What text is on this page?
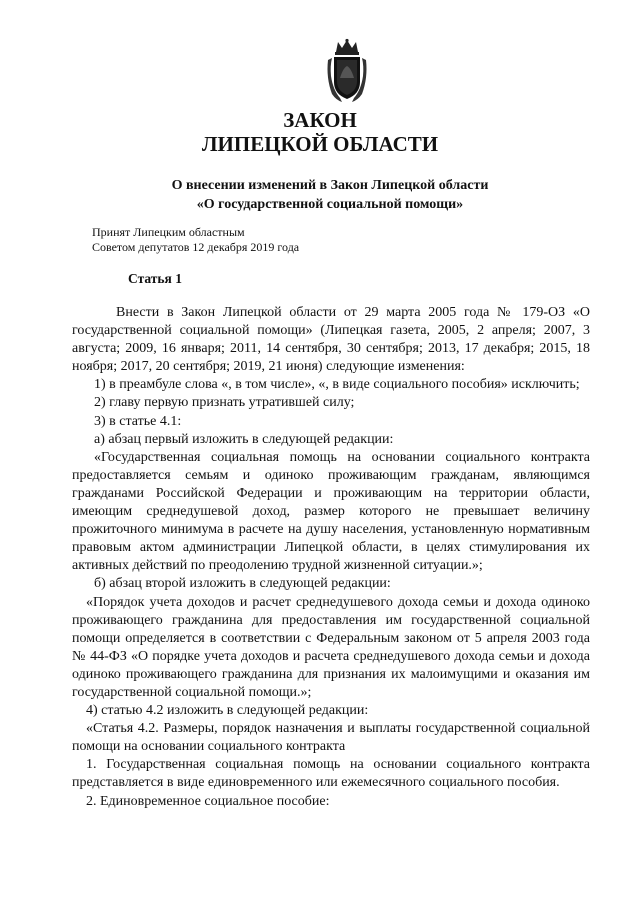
ЗАКОН
ЛИПЕЦКОЙ ОБЛАСТИ
О внесении изменений в Закон Липецкой области
«О государственной социальной помощи»

Принят Липецким областным

Советом депутатов 12 декабря 2019 года

Статья 1

Внести в Закон Липецкой области от 29 марта 2005 года № 179-ОЗ «О государственной социальной помощи» (Липецкая газета, 2005, 2 апреля; 2007, 3 августа; 2009, 16 января; 2011, 14 сентября, 30 сентября; 2013, 17 декабря; 2015, 18 ноября; 2017, 20 сентября; 2019, 21 июня) следующие изменения:

1) в преамбуле слова «, в том числе», «, в виде социального пособия» исключить;

2) главу первую признать утратившей силу;

3) в статье 4.1:

а) абзац первый изложить в следующей редакции:

«Государственная социальная помощь на основании социального контракта предоставляется семьям и одиноко проживающим гражданам, являющимся гражданами Российской Федерации и проживающим на территории области, имеющим среднедушевой доход, размер которого не превышает величину прожиточного минимума в расчете на душу населения, установленную нормативным правовым актом администрации Липецкой области, в целях стимулирования их активных действий по преодолению трудной жизненной ситуации.»;

б) абзац второй изложить в следующей редакции:

«Порядок учета доходов и расчет среднедушевого дохода семьи и дохода одиноко проживающего гражданина для предоставления им государственной социальной помощи определяется в соответствии с Федеральным законом от 5 апреля 2003 года № 44-ФЗ «О порядке учета доходов и расчета среднедушевого дохода семьи и дохода одиноко проживающего гражданина для признания их малоимущими и оказания им государственной социальной помощи.»;

4) статью 4.2 изложить в следующей редакции:

«Статья 4.2. Размеры, порядок назначения и выплаты государственной социальной помощи на основании социального контракта

1. Государственная социальная помощь на основании социального контракта представляется в виде единовременного или ежемесячного социального пособия.

2. Единовременное социальное пособие:
